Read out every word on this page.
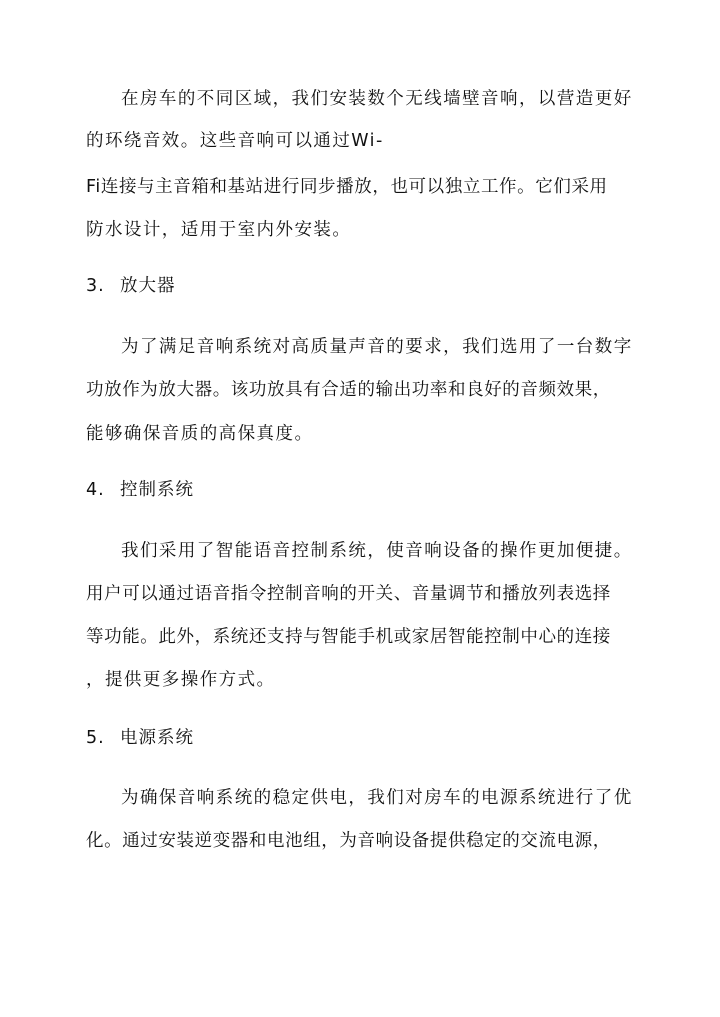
在房车的不同区域，我们安装数个无线墙壁音响，以营造更好
的环绕音效。这些音响可以通过Wi-
Fi连接与主音箱和基站进行同步播放，也可以独立工作。它们采用
防水设计，适用于室内外安装。
3. 放大器
为了满足音响系统对高质量声音的要求，我们选用了一台数字
功放作为放大器。该功放具有合适的输出功率和良好的音频效果，
能够确保音质的高保真度。
4. 控制系统
我们采用了智能语音控制系统，使音响设备的操作更加便捷。
用户可以通过语音指令控制音响的开关、音量调节和播放列表选择
等功能。此外，系统还支持与智能手机或家居智能控制中心的连接
，提供更多操作方式。
5. 电源系统
为确保音响系统的稳定供电，我们对房车的电源系统进行了优
化。通过安装逆变器和电池组，为音响设备提供稳定的交流电源，
